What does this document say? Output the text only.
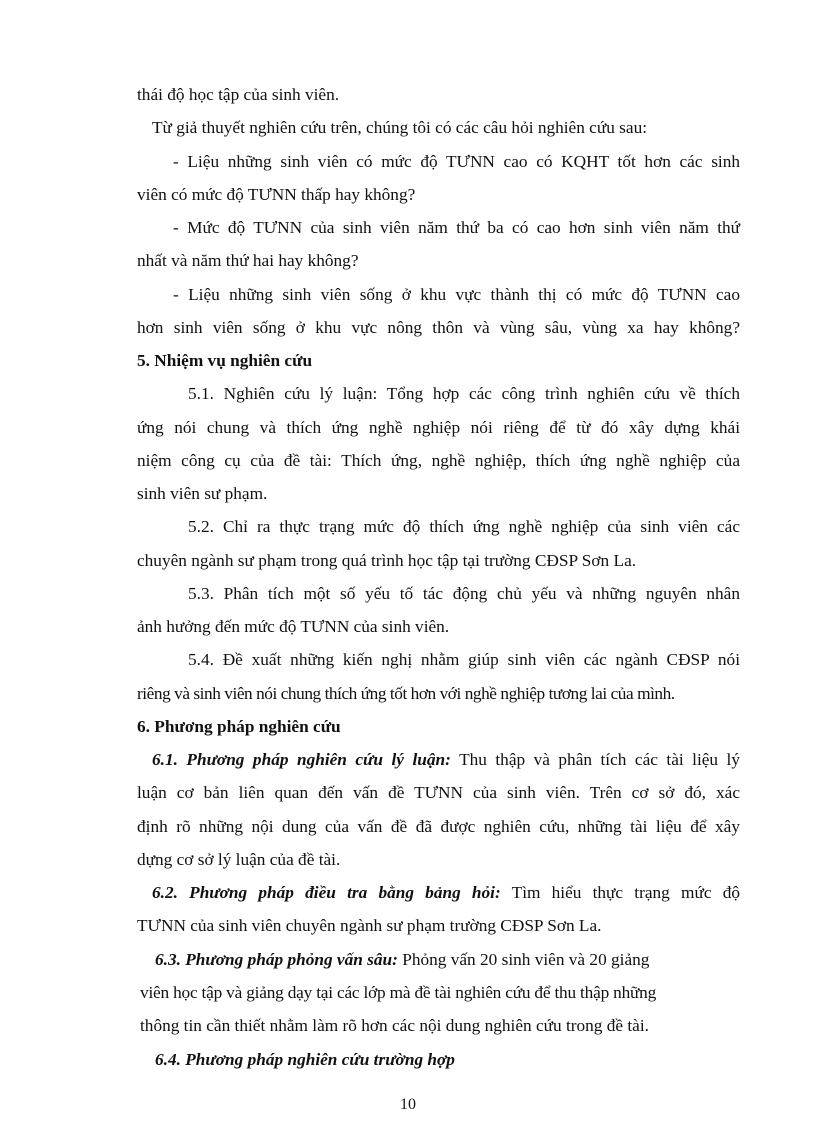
thái độ học tập của sinh viên.
Từ giả thuyết nghiên cứu trên, chúng tôi có các câu hỏi nghiên cứu sau:
- Liệu những sinh viên có mức độ TƯNN cao có KQHT tốt hơn các sinh
viên có mức độ TƯNN thấp hay không?
- Mức độ TƯNN của sinh viên năm thứ ba có cao hơn sinh viên năm thứ
nhất và năm thứ hai hay không?
- Liệu những sinh viên sống ở khu vực thành thị có mức độ TƯNN cao
hơn sinh viên sống ở khu vực nông thôn và vùng sâu, vùng xa hay không?
5. Nhiệm vụ nghiên cứu
5.1. Nghiên cứu lý luận: Tổng hợp các công trình nghiên cứu về thích
ứng nói chung và thích ứng nghề nghiệp nói riêng để từ đó xây dựng khái
niệm công cụ của đề tài: Thích ứng, nghề nghiệp, thích ứng nghề nghiệp của
sinh viên sư phạm.
5.2. Chỉ ra thực trạng mức độ thích ứng nghề nghiệp của sinh viên các
chuyên ngành sư phạm trong quá trình học tập tại trường CĐSP Sơn La.
5.3. Phân tích một số yếu tố tác động chủ yếu và những nguyên nhân
ảnh hưởng đến mức độ TƯNN của sinh viên.
5.4. Đề xuất những kiến nghị nhằm giúp sinh viên các ngành CĐSP nói
riêng và sinh viên nói chung thích ứng tốt hơn với nghề nghiệp tương lai của mình.
6. Phương pháp nghiên cứu
6.1. Phương pháp nghiên cứu lý luận: Thu thập và phân tích các tài liệu lý
luận cơ bản liên quan đến vấn đề TƯNN của sinh viên. Trên cơ sở đó, xác
định rõ những nội dung của vấn đề đã được nghiên cứu, những tài liệu để xây
dựng cơ sở lý luận của đề tài.
6.2. Phương pháp điều tra bằng bảng hỏi: Tìm hiểu thực trạng mức độ
TƯNN của sinh viên chuyên ngành sư phạm trường CĐSP Sơn La.
6.3. Phương pháp phỏng vấn sâu: Phỏng vấn 20 sinh viên và 20 giảng
viên học tập và giảng dạy tại các lớp mà đề tài nghiên cứu để thu thập những
thông tin cần thiết nhằm làm rõ hơn các nội dung nghiên cứu trong đề tài.
6.4. Phương pháp nghiên cứu trường hợp
10
